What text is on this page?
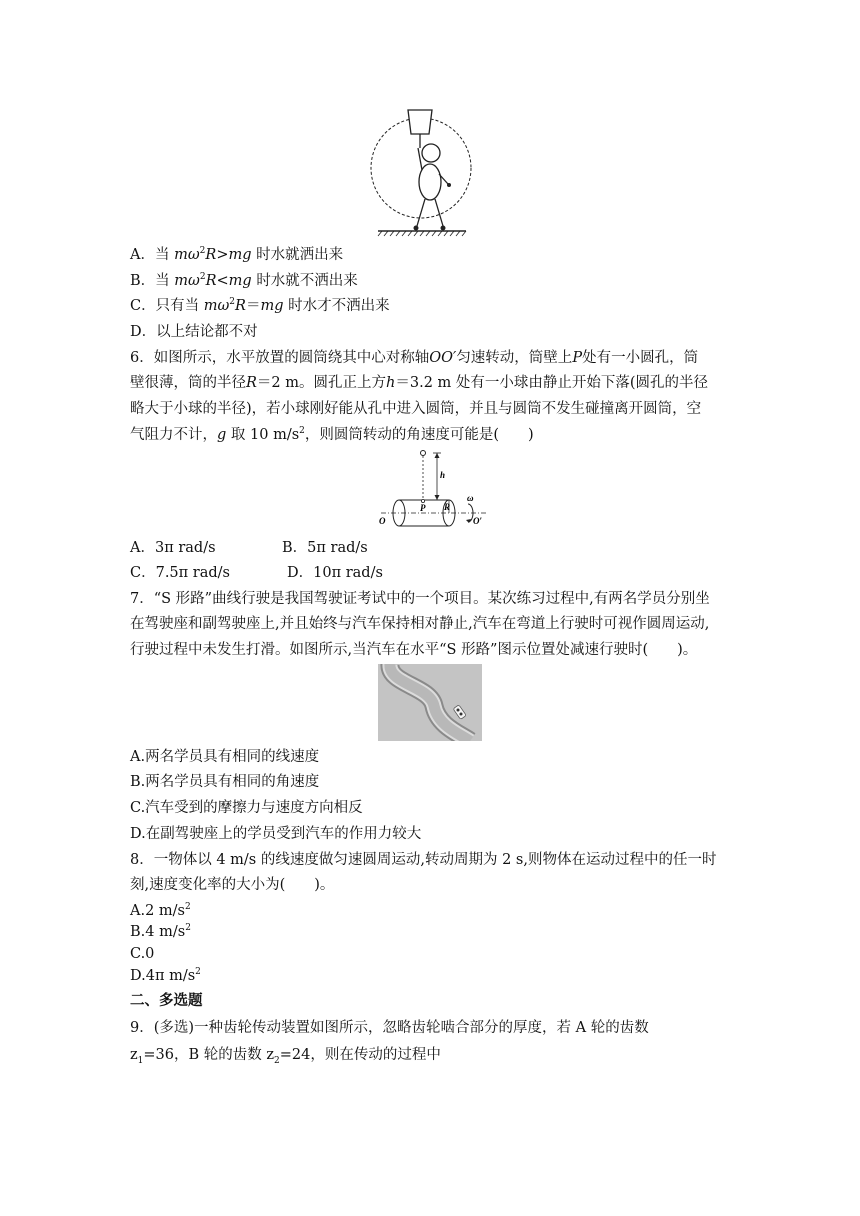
A．当 $m\omega^2R>mg$ 时水就洒出来
B．当 $m\omega^2R<mg$ 时水就不洒出来
C．只有当 $m\omega^2R=mg$ 时水才不洒出来
D．以上结论都不对
6．如图所示，水平放置的圆筒绕其中心对称轴OO′匀速转动，筒壁上P处有一小圆孔，筒
壁很薄，筒的半径R＝2 m。圆孔正上方h＝3.2 m 处有一小球由静止开始下落(圆孔的半径
略大于小球的半径)，若小球刚好能从孔中进入圆筒，并且与圆筒不发生碰撞离开圆筒，空
气阻力不计，g 取 10 $m/s^2$，则圆筒转动的角速度可能是(　　)
h
P R
O	O′
ω
A．3π rad/s	B．5π rad/s
C．7.5π rad/s	D．10π rad/s
7．“S 形路”曲线行驶是我国驾驶证考试中的一个项目。某次练习过程中,有两名学员分别坐
在驾驶座和副驾驶座上,并且始终与汽车保持相对静止,汽车在弯道上行驶时可视作圆周运动,
行驶过程中未发生打滑。如图所示,当汽车在水平“S 形路”图示位置处减速行驶时(　　)。
A.两名学员具有相同的线速度
B.两名学员具有相同的角速度
C.汽车受到的摩擦力与速度方向相反
D.在副驾驶座上的学员受到汽车的作用力较大
8．一物体以 4 m/s 的线速度做匀速圆周运动,转动周期为 2 s,则物体在运动过程中的任一时
刻,速度变化率的大小为(　　)。
A.2 $m/s^2$
B.4 $m/s^2$
C.0
D.4π $m/s^2$
二、多选题
9．(多选)一种齿轮传动装置如图所示，忽略齿轮啮合部分的厚度，若 A 轮的齿数
$z_1=36$，B 轮的齿数 $z_2=24$，则在传动的过程中
